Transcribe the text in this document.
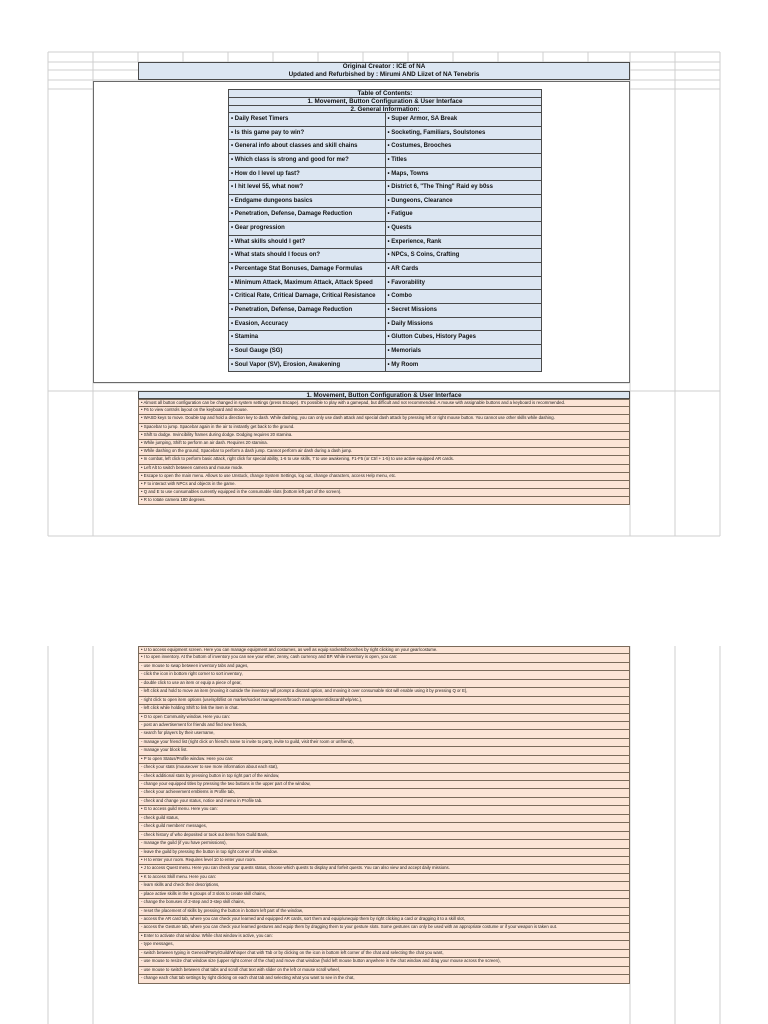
Original Creator : ICE of NA
Updated and Refurbished by : Mirumi AND Liizet of NA Tenebris
Table of Contents:
1. Movement, Button Configuration & User Interface
2. General Information:
• Daily Reset Timers	• Super Armor, SA Break
• Is this game pay to win?	• Socketing, Familiars, Soulstones
• General info about classes and skill chains	• Costumes, Brooches
• Which class is strong and good for me?	• Titles
• How do I level up fast?	• Maps, Towns
• I hit level 55, what now?	• District 6, "The Thing" Raid ey b0ss
• Endgame dungeons basics	• Dungeons, Clearance
• Penetration, Defense, Damage Reduction	• Fatigue
• Gear progression	• Quests
• What skills should I get?	• Experience, Rank
• What stats should I focus on?	• NPCs, S Coins, Crafting
• Percentage Stat Bonuses, Damage Formulas	• AR Cards
• Minimum Attack, Maximum Attack, Attack Speed	• Favorability
• Critical Rate, Critical Damage, Critical Resistance	• Combo
• Penetration, Defense, Damage Reduction	• Secret Missions
• Evasion, Accuracy	• Daily Missions
• Stamina	• Glutton Cubes, History Pages
• Soul Gauge (SG)	• Memorials
• Soul Vapor (SV), Erosion, Awakening	• My Room
1. Movement, Button Configuration & User Interface
• Almost all button configuration can be changed in system settings (press Escape). It's possible to play with a gamepad, but difficult and not recommended. A mouse with assignable buttons and a keyboard is recommended.
• F6 to view controls layout on the keyboard and mouse.
• WASD keys to move. Double tap and hold a direction key to dash. While dashing, you can only use dash attack and special dash attack by pressing left or right mouse button. You cannot use other skills while dashing.
• Spacebar to jump. Spacebar again in the air to instantly get back to the ground.
• Shift to dodge. Invincibility frames during dodge. Dodging requires 20 stamina.
• While jumping, Shift to perform an air dash. Requires 20 stamina.
• While dashing on the ground, Spacebar to perform a dash jump. Cannot perform air dash during a dash jump.
• In combat, left click to perform basic attack, right click for special ability, 1-6 to use skills, 7 to use awakening, F1-F5 (or Ctrl + 1-5) to use active equipped AR cards.
• Left Alt to switch between camera and mouse mode.
• Escape to open the main menu. Allows to use Unstuck, change System Settings, log out, change characters, access Help menu, etc.
• F to interact with NPCs and objects in the game.
• Q and E to use consumables currently equipped in the consumable slots (bottom left part of the screen).
• R to rotate camera 180 degrees.
• U to access equipment screen. Here you can manage equipment and costumes, as well as equip sockets/brooches by right clicking on your gear/costume.
• I to open inventory. At the bottom of inventory you can see your ether, zenny, cash currency and BP. While inventory is open, you can:
- use mouse to swap between inventory tabs and pages,
- click the icon in bottom right corner to sort inventory,
- double click to use an item or equip a piece of gear,
- left click and hold to move an item (moving it outside the inventory will prompt a discard option, and moving it over consumable slot will enable using it by pressing Q or E),
- right click to open item options (use/split/list on market/socket management/brooch management/discard/help/etc.),
- left click while holding Shift to link the item in chat.
• O to open Community window. Here you can:
- post an advertisement for friends and find new friends,
- search for players by their username,
- manage your friend list (right click on friend's name to invite to party, invite to guild, visit their room or unfriend),
- manage your block list.
• P to open Status/Profile window. Here you can:
- check your stats (mouseover to see more information about each stat),
- check additional stats by pressing button in top right part of the window,
- change your equipped titles by pressing the two buttons in the upper part of the window,
- check your achievement emblems in Profile tab,
- check and change your status, notice and memo in Profile tab.
• G to access guild menu. Here you can:
- check guild status,
- check guild members' messages,
- check history of who deposited or took out items from Guild Bank,
- manage the guild (if you have permissions),
- leave the guild by pressing the button in top right corner of the window.
• H to enter your room. Requires level 10 to enter your room.
• J to access Quest menu. Here you can check your quests status, choose which quests to display and forfeit quests. You can also view and accept daily missions.
• K to access Skill menu. Here you can:
- learn skills and check their descriptions,
- place active skills in the 6 groups of 3 slots to create skill chains,
- change the bonuses of 2-step and 3-step skill chains,
- reset the placement of skills by pressing the button in bottom left part of the window,
- access the AR card tab, where you can check your learned and equipped AR cards, sort them and equip/unequip them by right clicking a card or dragging it to a skill slot,
- access the Gesture tab, where you can check your learned gestures and equip them by dragging them to your gesture slots. Some gestures can only be used with an appropriate costume or if your weapon is taken out.
• Enter to activate chat window. While chat window is active, you can:
- type messages,
- switch between typing in General/Party/Guild/Whisper chat with Tab or by clicking on the icon in bottom left corner of the chat and selecting the chat you want,
- use mouse to resize chat window size (upper right corner of the chat) and move chat window (hold left mouse button anywhere in the chat window and drag your mouse across the screen),
- use mouse to switch between chat tabs and scroll chat text with slider on the left or mouse scroll wheel,
- change each chat tab settings by right clicking on each chat tab and selecting what you want to see in the chat,
